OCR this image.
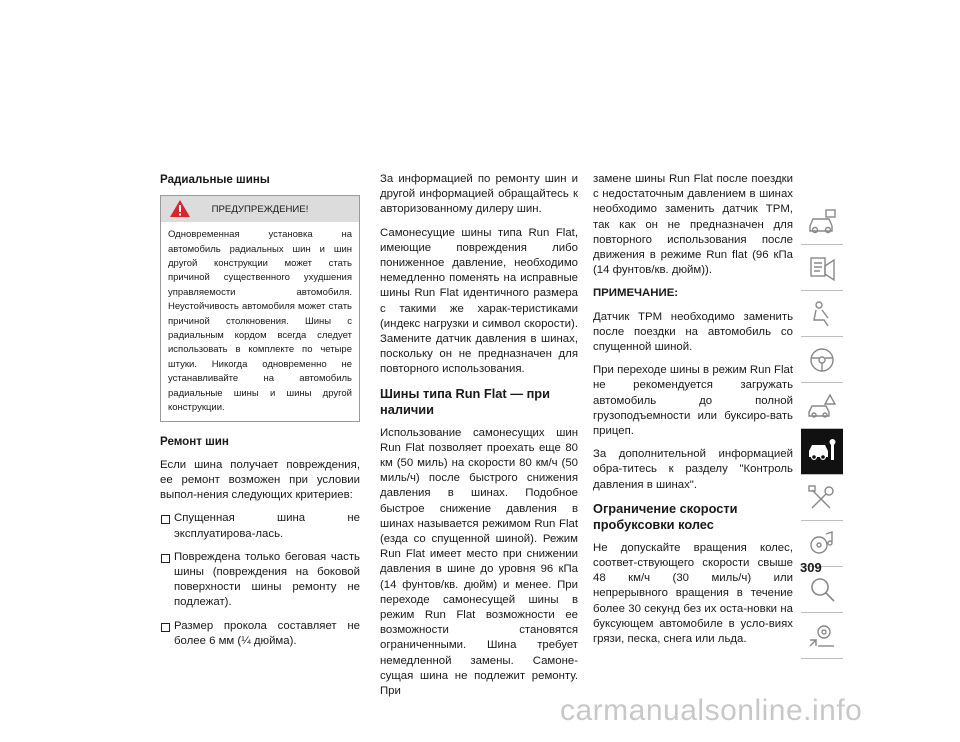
Радиальные шины
ПРЕДУПРЕЖДЕНИЕ!
Одновременная установка на автомобиль радиальных шин и шин другой конструкции может стать причиной существенного ухудшения управляемости автомобиля. Неустойчивость автомобиля может стать причиной столкновения. Шины с радиальным кордом всегда следует использовать в комплекте по четыре штуки. Никогда одновременно не устанавливайте на автомобиль радиальные шины и шины другой конструкции.
Ремонт шин

Если шина получает повреждения, ее ремонт возможен при условии выпол-нения следующих критериев:

Спущенная шина не эксплуатирова-лась.
Повреждена только беговая часть шины (повреждения на боковой поверхности шины ремонту не подлежат).
Размер прокола составляет не более 6 мм (¼ дюйма).

За информацией по ремонту шин и другой информацией обращайтесь к авторизованному дилеру шин.

Самонесущие шины типа Run Flat, имеющие повреждения либо пониженное давление, необходимо немедленно поменять на исправные шины Run Flat идентичного размера с такими же харак-теристиками (индекс нагрузки и символ скорости). Замените датчик давления в шинах, поскольку он не предназначен для повторного использования.

Шины типа Run Flat — при наличии

Использование самонесущих шин Run Flat позволяет проехать еще 80 км (50 миль) на скорости 80 км/ч (50 миль/ч) после быстрого снижения давления в шинах. Подобное быстрое снижение давления в шинах называется режимом Run Flat (езда со спущенной шиной). Режим Run Flat имеет место при снижении давления в шине до уровня 96 кПа (14 фунтов/кв. дюйм) и менее. При переходе самонесущей шины в режим Run Flat возможности ее возможности становятся ограниченными. Шина требует немедленной замены. Самоне-сущая шина не подлежит ремонту. При

замене шины Run Flat после поездки с недостаточным давлением в шинах необходимо заменить датчик TPM, так как он не предназначен для повторного использования после движения в режиме Run flat (96 кПа (14 фунтов/кв. дюйм)).

ПРИМЕЧАНИЕ:

Датчик TPM необходимо заменить после поездки на автомобиль со спущенной шиной.

При переходе шины в режим Run Flat не рекомендуется загружать автомобиль до полной грузоподъемности или буксиро-вать прицеп.

За дополнительной информацией обра-титесь к разделу "Контроль давления в шинах".

Ограничение скорости пробуксовки колес

Не допускайте вращения колес, соответ-ствующего скорости свыше 48 км/ч (30 миль/ч) или непрерывного вращения в течение более 30 секунд без их оста-новки на буксующем автомобиле в усло-виях грязи, песка, снега или льда.

309
carmanualsonline.info
